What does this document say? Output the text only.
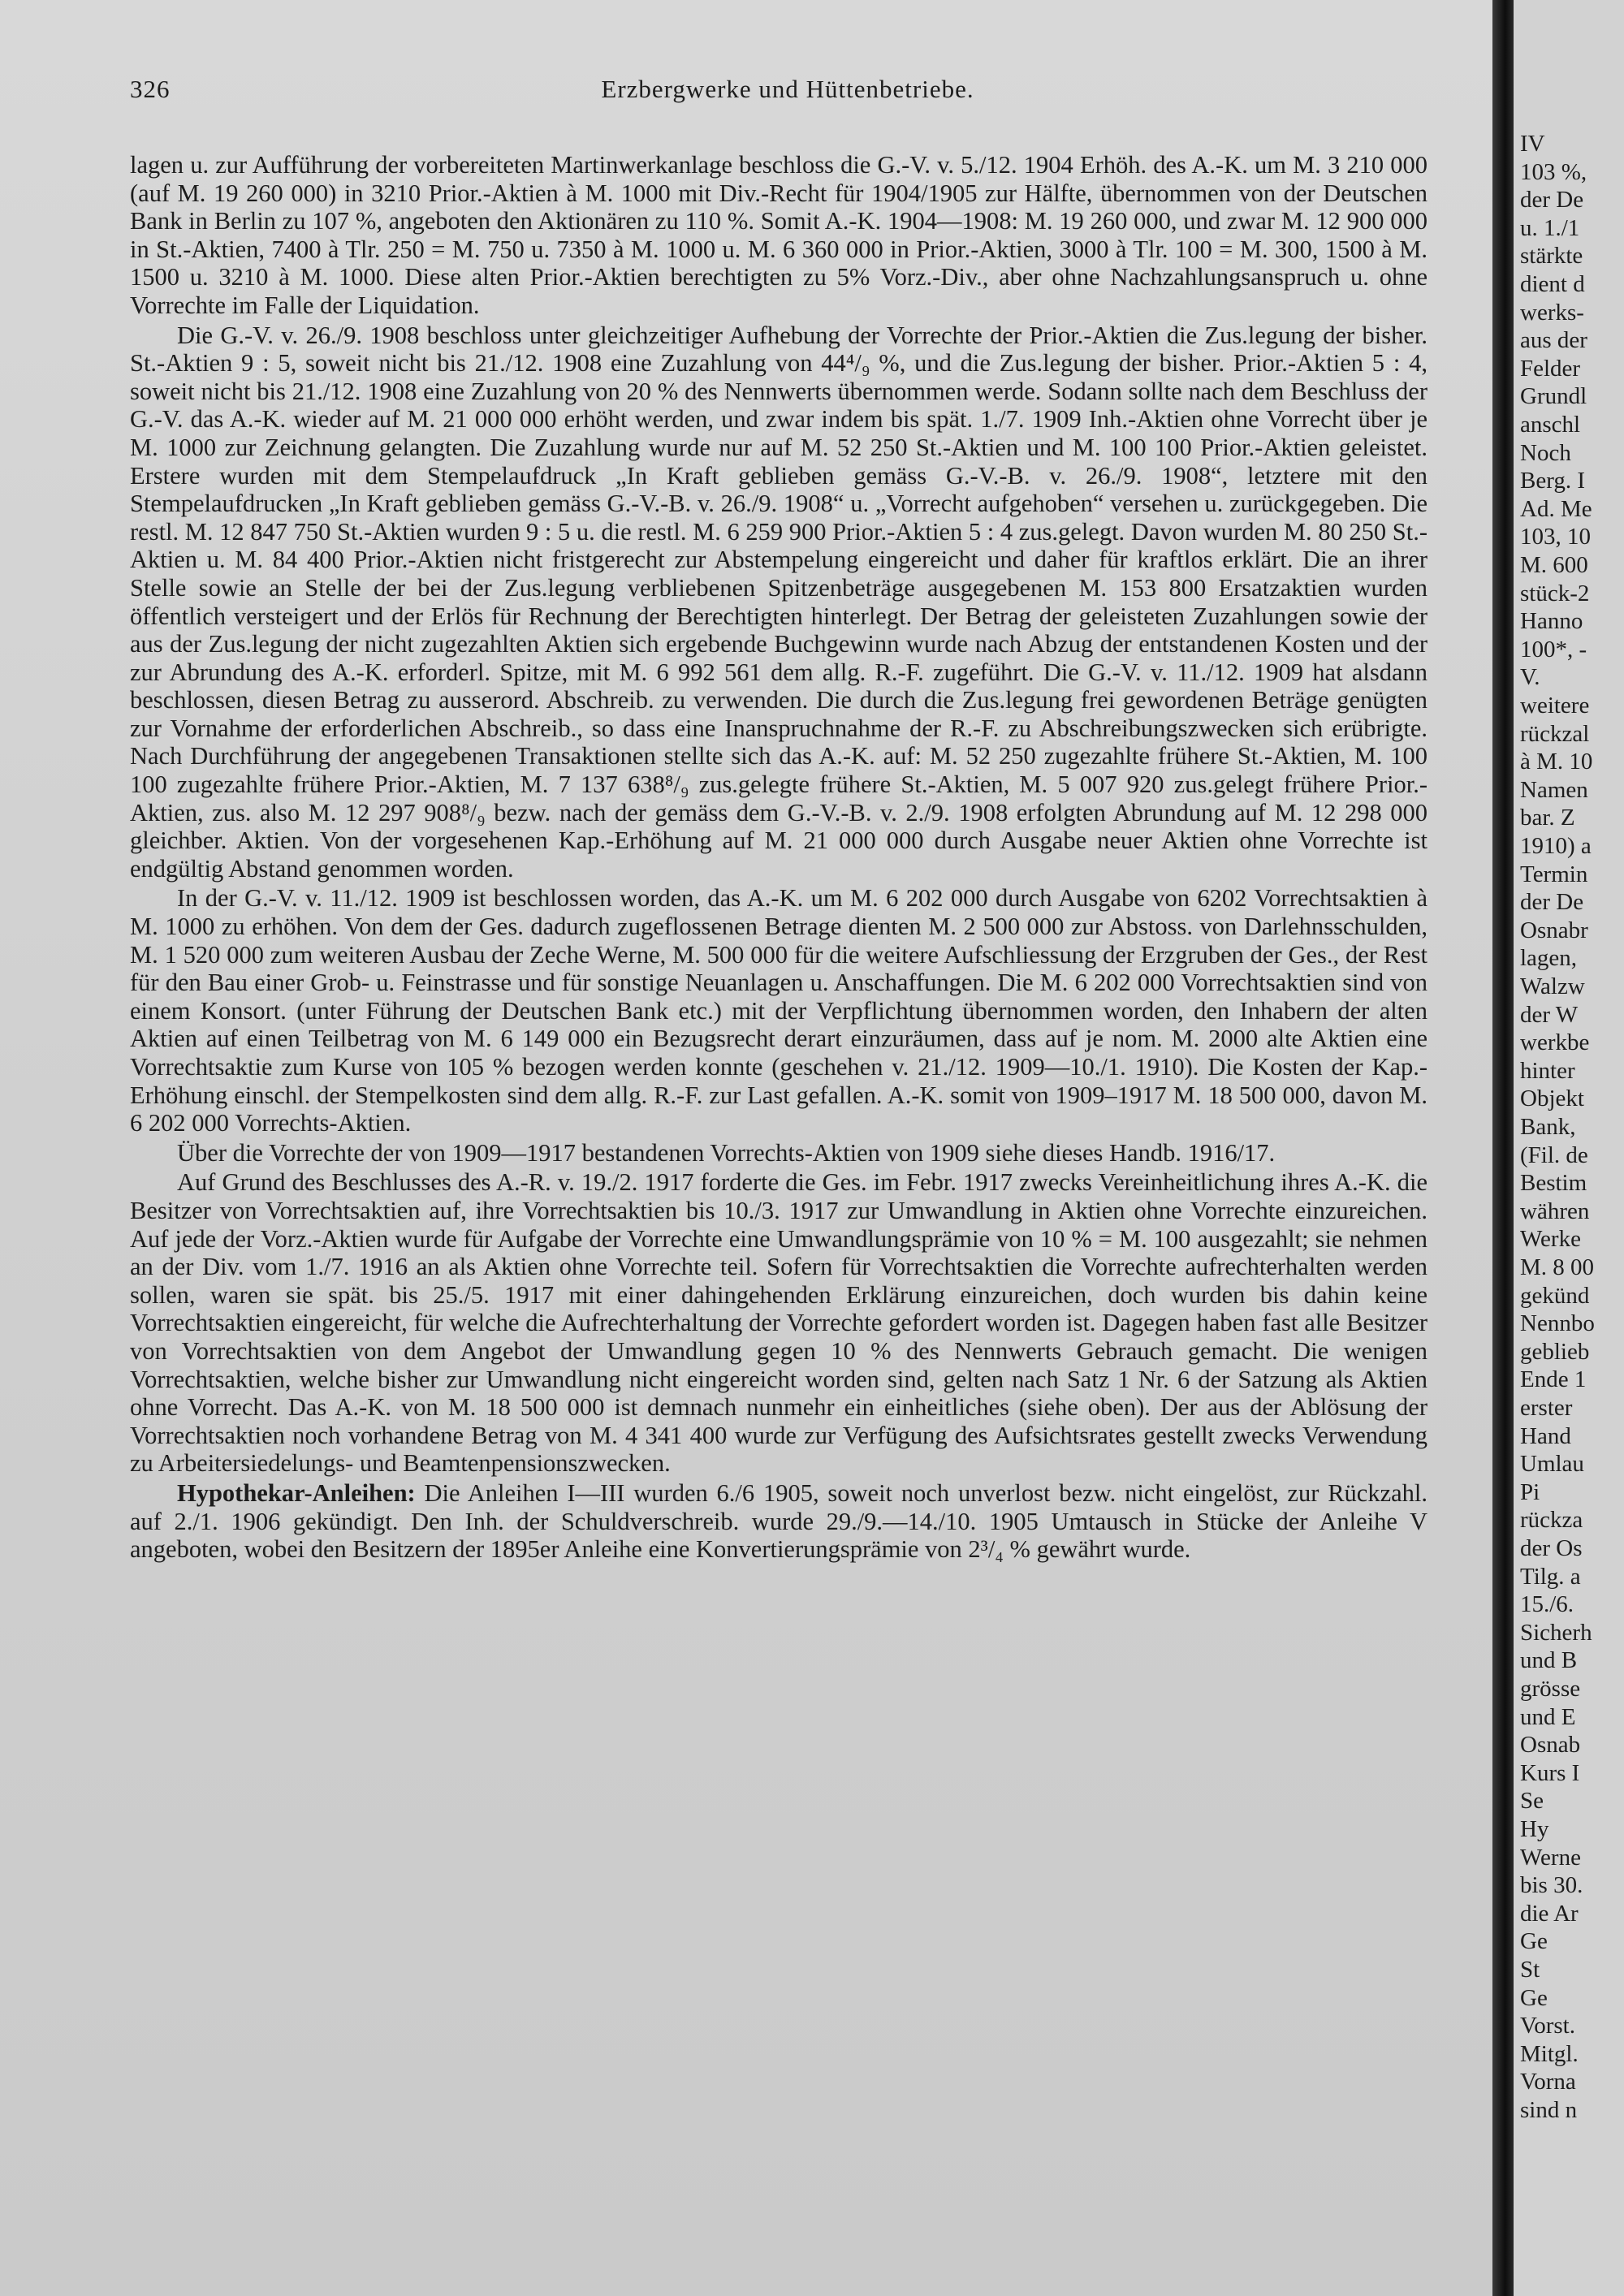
326	Erzbergwerke und Hüttenbetriebe.

lagen u. zur Aufführung der vorbereiteten Martinwerkanlage beschloss die G.-V. v. 5./12. 1904 Erhöh. des A.-K. um M. 3 210 000 (auf M. 19 260 000) in 3210 Prior.-Aktien à M. 1000 mit Div.-Recht für 1904/1905 zur Hälfte, übernommen von der Deutschen Bank in Berlin zu 107 %, angeboten den Aktionären zu 110 %. Somit A.-K. 1904—1908: M. 19 260 000, und zwar M. 12 900 000 in St.-Aktien, 7400 à Tlr. 250 = M. 750 u. 7350 à M. 1000 u. M. 6 360 000 in Prior.-Aktien, 3000 à Tlr. 100 = M. 300, 1500 à M. 1500 u. 3210 à M. 1000. Diese alten Prior.-Aktien berechtigten zu 5% Vorz.-Div., aber ohne Nachzahlungsanspruch u. ohne Vorrechte im Falle der Liquidation.

Die G.-V. v. 26./9. 1908 beschloss unter gleichzeitiger Aufhebung der Vorrechte der Prior.-Aktien die Zus.legung der bisher. St.-Aktien 9 : 5, soweit nicht bis 21./12. 1908 eine Zuzahlung von 44⁴/₉ %, und die Zus.legung der bisher. Prior.-Aktien 5 : 4, soweit nicht bis 21./12. 1908 eine Zuzahlung von 20 % des Nennwerts übernommen werde. Sodann sollte nach dem Beschluss der G.-V. das A.-K. wieder auf M. 21 000 000 erhöht werden, und zwar indem bis spät. 1./7. 1909 Inh.-Aktien ohne Vorrecht über je M. 1000 zur Zeichnung gelangten. Die Zuzahlung wurde nur auf M. 52 250 St.-Aktien und M. 100 100 Prior.-Aktien geleistet. Erstere wurden mit dem Stempelaufdruck „In Kraft geblieben gemäss G.-V.-B. v. 26./9. 1908“, letztere mit den Stempelaufdrucken „In Kraft geblieben gemäss G.-V.-B. v. 26./9. 1908“ u. „Vorrecht aufgehoben“ versehen u. zurückgegeben. Die restl. M. 12 847 750 St.-Aktien wurden 9 : 5 u. die restl. M. 6 259 900 Prior.-Aktien 5 : 4 zus.gelegt. Davon wurden M. 80 250 St.-Aktien u. M. 84 400 Prior.-Aktien nicht fristgerecht zur Abstempelung eingereicht und daher für kraftlos erklärt. Die an ihrer Stelle sowie an Stelle der bei der Zus.legung verbliebenen Spitzenbeträge ausgegebenen M. 153 800 Ersatzaktien wurden öffentlich versteigert und der Erlös für Rechnung der Berechtigten hinterlegt. Der Betrag der geleisteten Zuzahlungen sowie der aus der Zus.legung der nicht zugezahlten Aktien sich ergebende Buchgewinn wurde nach Abzug der entstandenen Kosten und der zur Abrundung des A.-K. erforderl. Spitze, mit M. 6 992 561 dem allg. R.-F. zugeführt. Die G.-V. v. 11./12. 1909 hat alsdann beschlossen, diesen Betrag zu ausserord. Abschreib. zu verwenden. Die durch die Zus.legung frei gewordenen Beträge genügten zur Vornahme der erforderlichen Abschreib., so dass eine Inanspruchnahme der R.-F. zu Abschreibungszwecken sich erübrigte. Nach Durchführung der angegebenen Transaktionen stellte sich das A.-K. auf: M. 52 250 zugezahlte frühere St.-Aktien, M. 100 100 zugezahlte frühere Prior.-Aktien, M. 7 137 638⁸/₉ zus.gelegte frühere St.-Aktien, M. 5 007 920 zus.gelegt frühere Prior.-Aktien, zus. also M. 12 297 908⁸/₉ bezw. nach der gemäss dem G.-V.-B. v. 2./9. 1908 erfolgten Abrundung auf M. 12 298 000 gleichber. Aktien. Von der vorgesehenen Kap.-Erhöhung auf M. 21 000 000 durch Ausgabe neuer Aktien ohne Vorrechte ist endgültig Abstand genommen worden.

In der G.-V. v. 11./12. 1909 ist beschlossen worden, das A.-K. um M. 6 202 000 durch Ausgabe von 6202 Vorrechtsaktien à M. 1000 zu erhöhen. Von dem der Ges. dadurch zugeflossenen Betrage dienten M. 2 500 000 zur Abstoss. von Darlehnsschulden, M. 1 520 000 zum weiteren Ausbau der Zeche Werne, M. 500 000 für die weitere Aufschliessung der Erzgruben der Ges., der Rest für den Bau einer Grob- u. Feinstrasse und für sonstige Neuanlagen u. Anschaffungen. Die M. 6 202 000 Vorrechtsaktien sind von einem Konsort. (unter Führung der Deutschen Bank etc.) mit der Verpflichtung übernommen worden, den Inhabern der alten Aktien auf einen Teilbetrag von M. 6 149 000 ein Bezugsrecht derart einzuräumen, dass auf je nom. M. 2000 alte Aktien eine Vorrechtsaktie zum Kurse von 105 % bezogen werden konnte (geschehen v. 21./12. 1909—10./1. 1910). Die Kosten der Kap.-Erhöhung einschl. der Stempelkosten sind dem allg. R.-F. zur Last gefallen. A.-K. somit von 1909–1917 M. 18 500 000, davon M. 6 202 000 Vorrechts-Aktien.

Über die Vorrechte der von 1909—1917 bestandenen Vorrechts-Aktien von 1909 siehe dieses Handb. 1916/17.

Auf Grund des Beschlusses des A.-R. v. 19./2. 1917 forderte die Ges. im Febr. 1917 zwecks Vereinheitlichung ihres A.-K. die Besitzer von Vorrechtsaktien auf, ihre Vorrechtsaktien bis 10./3. 1917 zur Umwandlung in Aktien ohne Vorrechte einzureichen. Auf jede der Vorz.-Aktien wurde für Aufgabe der Vorrechte eine Umwandlungsprämie von 10 % = M. 100 ausgezahlt; sie nehmen an der Div. vom 1./7. 1916 an als Aktien ohne Vorrechte teil. Sofern für Vorrechtsaktien die Vorrechte aufrechterhalten werden sollen, waren sie spät. bis 25./5. 1917 mit einer dahingehenden Erklärung einzureichen, doch wurden bis dahin keine Vorrechtsaktien eingereicht, für welche die Aufrechterhaltung der Vorrechte gefordert worden ist. Dagegen haben fast alle Besitzer von Vorrechtsaktien von dem Angebot der Umwandlung gegen 10 % des Nennwerts Gebrauch gemacht. Die wenigen Vorrechtsaktien, welche bisher zur Umwandlung nicht eingereicht worden sind, gelten nach Satz 1 Nr. 6 der Satzung als Aktien ohne Vorrecht. Das A.-K. von M. 18 500 000 ist demnach nunmehr ein einheitliches (siehe oben). Der aus der Ablösung der Vorrechtsaktien noch vorhandene Betrag von M. 4 341 400 wurde zur Verfügung des Aufsichtsrates gestellt zwecks Verwendung zu Arbeitersiedelungs- und Beamtenpensionszwecken.

Hypothekar-Anleihen: Die Anleihen I—III wurden 6./6 1905, soweit noch unverlost bezw. nicht eingelöst, zur Rückzahl. auf 2./1. 1906 gekündigt. Den Inh. der Schuldverschreib. wurde 29./9.—14./10. 1905 Umtausch in Stücke der Anleihe V angeboten, wobei den Besitzern der 1895er Anleihe eine Konvertierungsprämie von 2³/₄ % gewährt wurde.

IV
103 %,
der De
u. 1./1
stärkte
dient d
werks-
aus der
Felder
Grundl
anschl
Noch
Berg. I
Ad. Me
103, 10
M. 600
stück-2
Hanno
100*, -
V.
weitere
rückzal
à M. 10
Namen
bar. Z
1910) a
Termin
der De
Osnabr
lagen,
Walzw
der W
werkbe
hinter
Objekt
Bank,
(Fil. de
Bestim
währen
Werke
M. 8 00
gekünd
Nennbo
geblieb
Ende 1
erster
Hand
Umlau
Pi
rückza
der Os
Tilg. a
15./6.
Sicherh
und B
grösse
und E
Osnab
Kurs I
Se
Hy
Werne
bis 30.
die Ar
Ge
St
Ge
Vorst.
Mitgl.
Vorna
sind n
